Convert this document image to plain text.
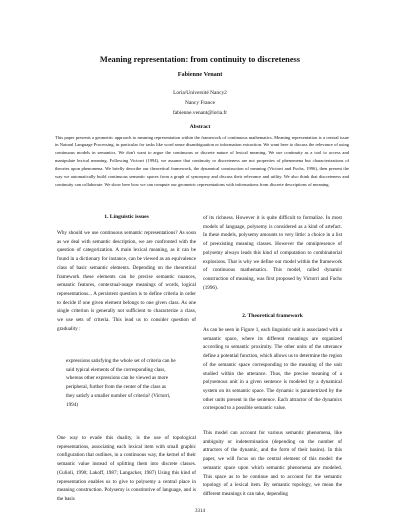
Meaning representation: from continuity to discreteness
Fabienne Venant
Loria/Université Nancy2
Nancy France
fabienne.venant@loria.fr
Abstract
This paper presents a geometric approach to meaning representation within the framework of continuous mathematics. Meaning representation is a central issue in Natural Language Processing, in particular for tasks like word sense disambiguation or information extraction. We want here to discuss the relevance of using continuous models in semantics. We don't want to argue the continuous or discrete nature of lexical meaning. We use continuity as a tool to access and manipulate lexical meaning. Following Victorri (1994), we assume that continuity or discreteness are not properties of phenomena but characterizations of theories upon phenomena. We briefly describe our theoretical framework, the dynamical construction of meaning (Victorri and Fuchs, 1996), then present the way we automatically build continuous semantic spaces from a graph of synonymy and discuss their relevance and utility. We also think that discreteness and continuity can collaborate. We show here how we can compute our geometric representations with informations from discrete descriptions of meaning.
1. Linguistic issues
Why should we use continuous semantic representations? As soon as we deal with semantic description, we are confronted with the question of categorization. A main lexical meaning, as it can be found in a dictionary for instance, can be viewed as an equivalence class of basic semantic elements. Depending on the theoretical framework these elements can be precise semantic nuances, semantic features, contextual-usage meanings of words, logical representations... A persistent question is to define criteria in order to decide if one given element belongs to one given class. As one single criterion is generally not sufficient to characterize a class, we use sets of criteria. This lead us to consider question of graduality :
expressions satisfying the whole set of criteria can be said typical elements of the corresponding class, whereas other expressions can be viewed as more peripheral, further from the center of the class as they satisfy a smaller number of criteria? (Victorri, 1994)
One way to evade this duality, is the use of topological representations, associating each lexical item with small graphic configuration that outlines, in a continuous way, the kernel of their semantic value instead of splitting them into discrete classes. (Culioli, 1990; Lakoff, 1987; Langacker, 1987) Using this kind of representation enables us to give to polysemy a central place in meaning construction. Polysemy is constitutive of language, and is the basis
of its richness. However it is quite difficult to formalize. In most models of language, polysemy is considered as a kind of artefact. In these models, polysemy amounts to very little: a choice in a list of preexisting meaning classes. However the omnipresence of polysemy always leads this kind of computation to combinatorial explosions. That is why we define our model within the framework of continuous mathematics. This model, called dynamic construction of meaning, was first proposed by Victorri and Fuchs (1996).
2. Theoretical framework
As can be seen in Figure 1, each linguistic unit is associated with a semantic space, where its different meanings are organized according to semantic proximity. The other units of the utterance define a potential function, which allows us to determine the region of the semantic space corresponding to the meaning of the unit studied within the utterance. Thus, the precise meaning of a polysemous unit in a given sentence is modeled by a dynamical system on its semantic space. The dynamic is parametrized by the other units present in the sentence. Each attractor of the dynamics correspond to a possible semantic value.
This model can account for various semantic phenomena, like ambiguity or indetermination (depending on the number of attractors of the dynamic, and the form of their basins). In this paper, we will focus on the central element of this model: the semantic space upon which semantic phenomena are modeled. This space as to be continue and to account for the semantic topology of a lexical item. By semantic topology, we mean the different meanings it can take, depending
3314
